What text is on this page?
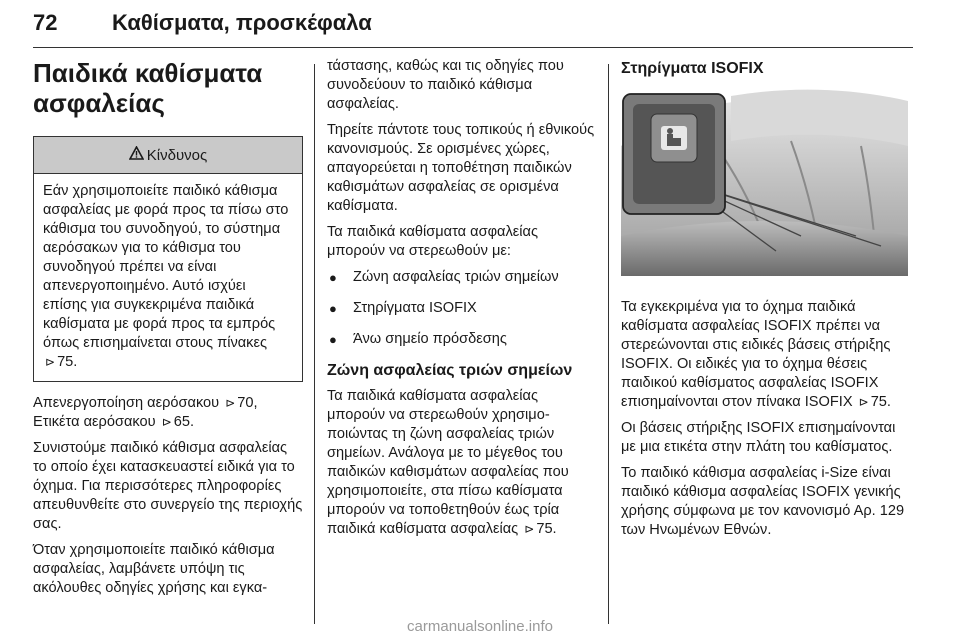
72 Καθίσματα, προσκέφαλα
Παιδικά καθίσματα ασφαλείας
Κίνδυνος
Εάν χρησιμοποιείτε παιδικό κάθισμα ασφαλείας με φορά προς τα πίσω στο κάθισμα του συνοδηγού, το σύστημα αερόσακων για το κάθισμα του συνοδηγού πρέπει να είναι απενεργοποιημένο. Αυτό ισχύει επίσης για συγκεκριμένα παιδικά καθίσματα με φορά προς τα εμπρός όπως επισημαίνεται στους πίνακες ⊳ 75.

Απενεργοποίηση αερόσακου ⊳ 70,
Ετικέτα αερόσακου ⊳ 65.

Συνιστούμε παιδικό κάθισμα ασφαλείας το οποίο έχει κατασκευαστεί ειδικά για το όχημα. Για περισσότερες πληροφορίες απευθυνθείτε στο συνεργείο της περιοχής σας.

Όταν χρησιμοποιείτε παιδικό κάθισμα ασφαλείας, λαμβάνετε υπόψη τις ακόλουθες οδηγίες χρήσης και εγκα-

τάστασης, καθώς και τις οδηγίες που συνοδεύουν το παιδικό κάθισμα ασφαλείας.

Τηρείτε πάντοτε τους τοπικούς ή εθνικούς κανονισμούς. Σε ορισμένες χώρες, απαγορεύεται η τοποθέτηση παιδικών καθισμάτων ασφαλείας σε ορισμένα καθίσματα.

Τα παιδικά καθίσματα ασφαλείας μπορούν να στερεωθούν με:

● Ζώνη ασφαλείας τριών σημείων
● Στηρίγματα ISOFIX
● Άνω σημείο πρόσδεσης
Ζώνη ασφαλείας τριών σημείων

Τα παιδικά καθίσματα ασφαλείας μπορούν να στερεωθούν χρησιμοποιώντας τη ζώνη ασφαλείας τριών σημείων. Ανάλογα με το μέγεθος του παιδικών καθισμάτων ασφαλείας που χρησιμοποιείτε, στα πίσω καθίσματα μπορούν να τοποθετηθούν έως τρία παιδικά καθίσματα ασφαλείας ⊳ 75.

Στηρίγματα ISOFIX

Τα εγκεκριμένα για το όχημα παιδικά καθίσματα ασφαλείας ISOFIX πρέπει να στερεώνονται στις ειδικές βάσεις στήριξης ISOFIX. Οι ειδικές για το όχημα θέσεις παιδικού καθίσματος ασφαλείας ISOFIX επισημαίνονται στον πίνακα ISOFIX ⊳ 75.

Οι βάσεις στήριξης ISOFIX επισημαίνονται με μια ετικέτα στην πλάτη του καθίσματος.

Το παιδικό κάθισμα ασφαλείας i-Size είναι παιδικό κάθισμα ασφαλείας ISOFIX γενικής χρήσης σύμφωνα με τον κανονισμό Αρ. 129 των Ηνωμένων Εθνών.

carmanualsonline.info
